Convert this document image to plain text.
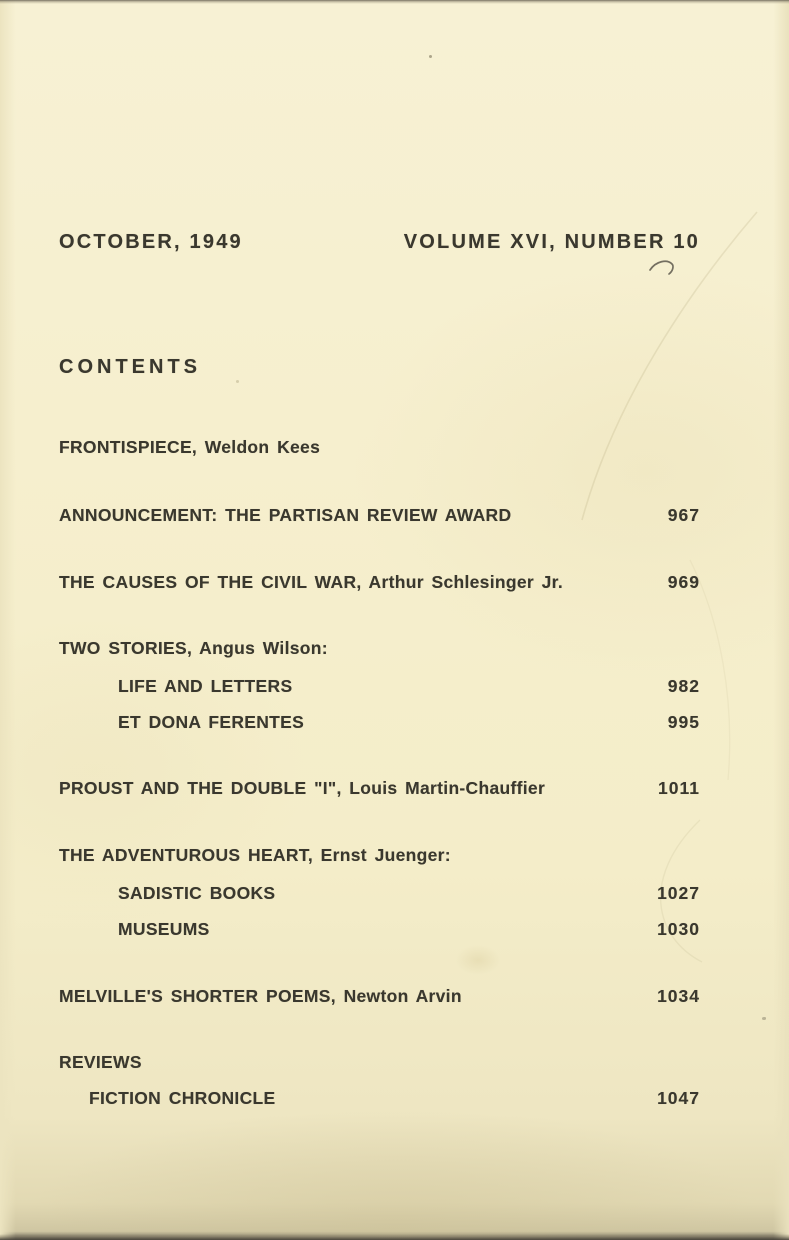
OCTOBER, 1949	VOLUME XVI, NUMBER 10
CONTENTS
FRONTISPIECE, Weldon Kees
ANNOUNCEMENT: THE PARTISAN REVIEW AWARD	967
THE CAUSES OF THE CIVIL WAR, Arthur Schlesinger Jr.	969
TWO STORIES, Angus Wilson:
LIFE AND LETTERS	982
ET DONA FERENTES	995
PROUST AND THE DOUBLE "I", Louis Martin-Chauffier	1011
THE ADVENTUROUS HEART, Ernst Juenger:
SADISTIC BOOKS	1027
MUSEUMS	1030
MELVILLE'S SHORTER POEMS, Newton Arvin	1034
REVIEWS
FICTION CHRONICLE	1047
